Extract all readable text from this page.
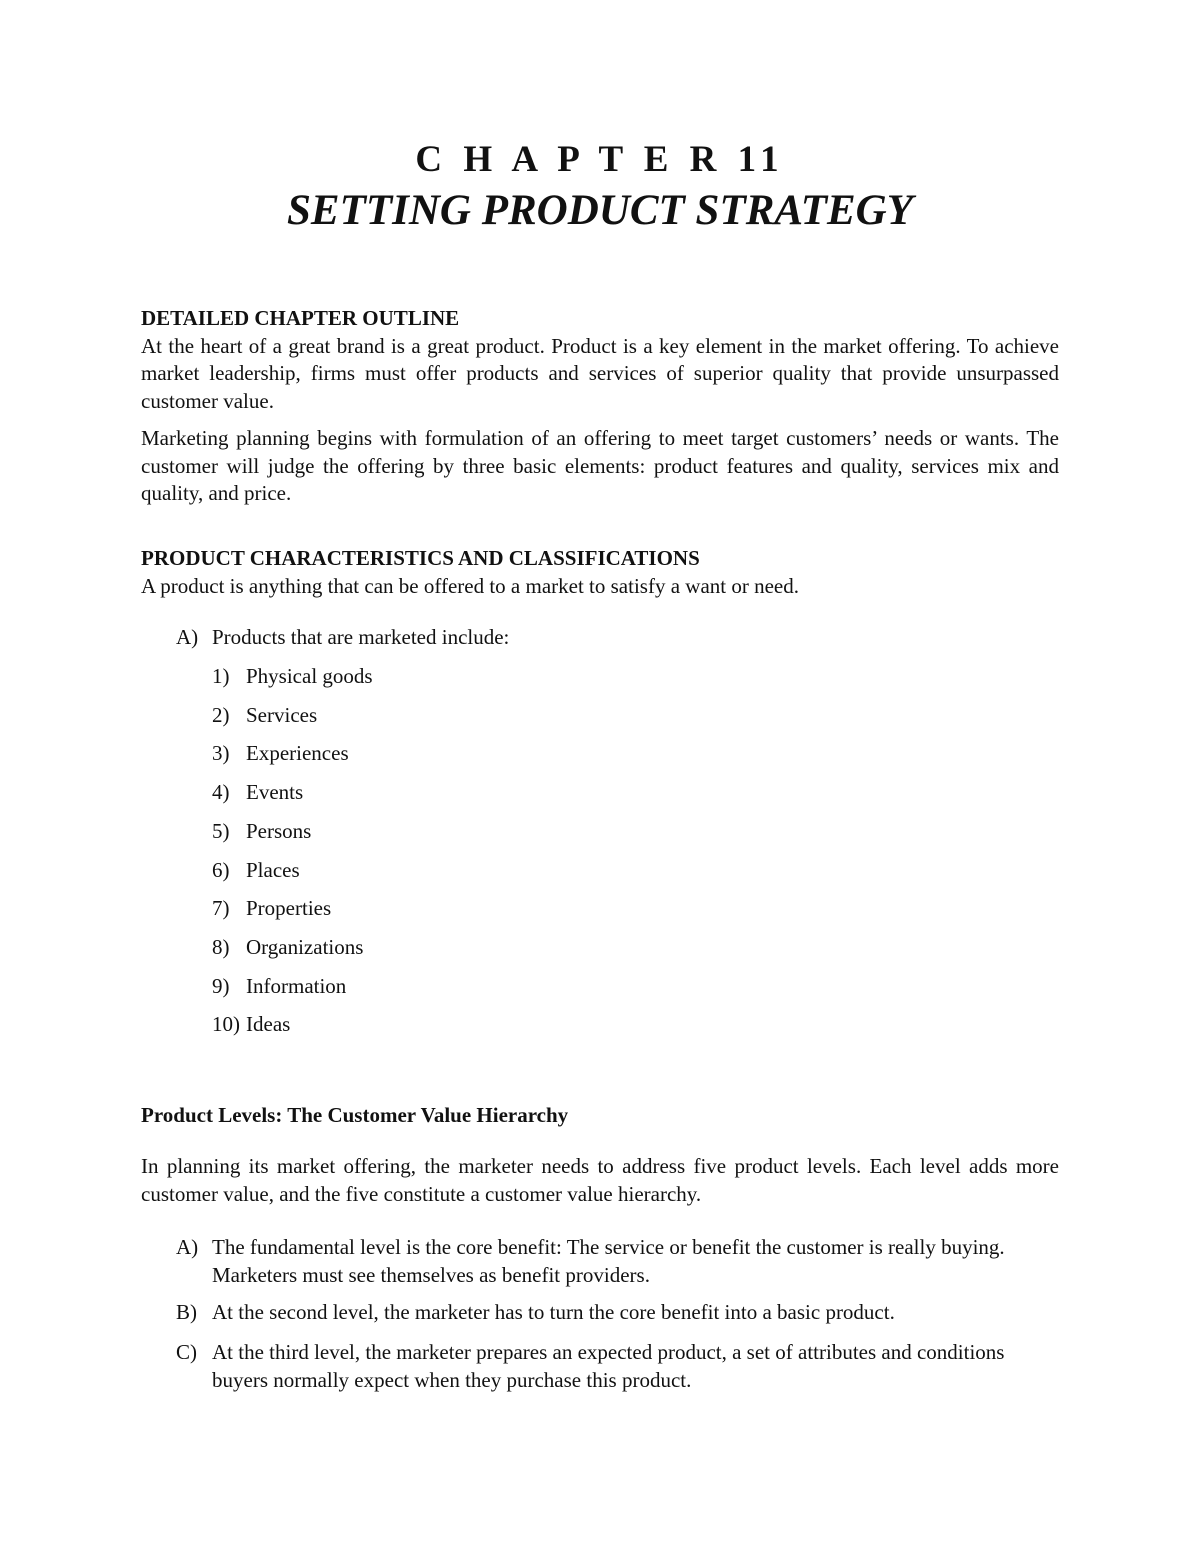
C H A P T E R 11
SETTING PRODUCT STRATEGY

DETAILED CHAPTER OUTLINE

At the heart of a great brand is a great product. Product is a key element in the market offering. To achieve market leadership, firms must offer products and services of superior quality that provide unsurpassed customer value.

Marketing planning begins with formulation of an offering to meet target customers’ needs or wants. The customer will judge the offering by three basic elements: product features and quality, services mix and quality, and price.

PRODUCT CHARACTERISTICS AND CLASSIFICATIONS

A product is anything that can be offered to a market to satisfy a want or need.

A) Products that are marketed include:
1) Physical goods
2) Services
3) Experiences
4) Events
5) Persons
6) Places
7) Properties
8) Organizations
9) Information
10) Ideas

Product Levels: The Customer Value Hierarchy

In planning its market offering, the marketer needs to address five product levels. Each level adds more customer value, and the five constitute a customer value hierarchy.

A) The fundamental level is the core benefit: The service or benefit the customer is really buying. Marketers must see themselves as benefit providers.
B) At the second level, the marketer has to turn the core benefit into a basic product.
C) At the third level, the marketer prepares an expected product, a set of attributes and conditions buyers normally expect when they purchase this product.
